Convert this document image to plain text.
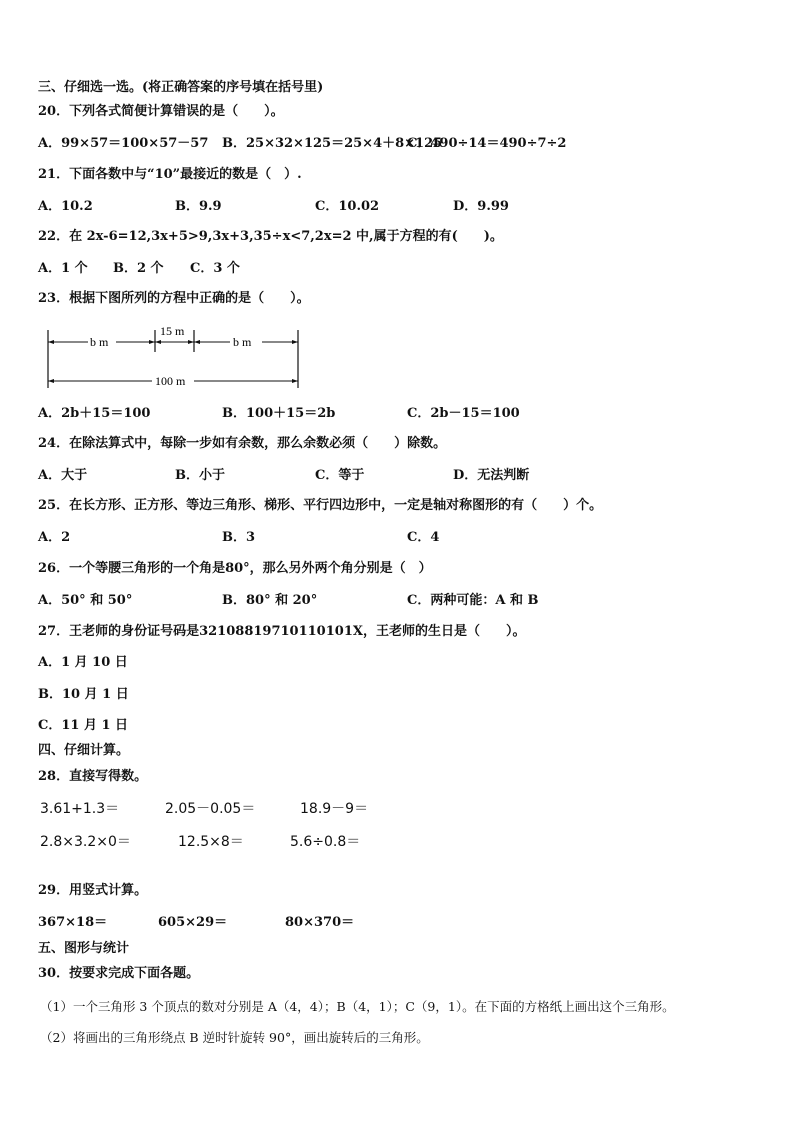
三、仔细选一选。(将正确答案的序号填在括号里)
20．下列各式简便计算错误的是（　　）。
A．99×57＝100×57－57 B．25×32×125＝25×4＋8×125
C．490÷14＝490÷7÷2
21．下面各数中与“10”最接近的数是（　）.
A．10.2	B．9.9	C．10.02	D．9.99
22．在 2x-6=12,3x+5>9,3x+3,35÷x<7,2x=2 中,属于方程的有(　　)。
A．1 个 B．2 个 C．3 个
23．根据下图所列的方程中正确的是（　　）。
b m
15 m
b m
100 m
A．2b＋15＝100	B．100＋15＝2b	C．2b－15＝100
24．在除法算式中，每除一步如有余数，那么余数必须（　　）除数。
A．大于	B．小于	C．等于	D．无法判断
25．在长方形、正方形、等边三角形、梯形、平行四边形中，一定是轴对称图形的有（　　）个。
A．2	B．3	C．4
26．一个等腰三角形的一个角是80°，那么另外两个角分别是（　）
A．50° 和 50°	B．80° 和 20°	C．两种可能：A 和 B
27．王老师的身份证号码是32108819710110101X，王老师的生日是（　　）。
A．1 月 10 日
B．10 月 1 日
C．11 月 1 日
四、仔细计算。
28．直接写得数。
3.61+1.3＝	2.05－0.05＝	18.9－9＝
2.8×3.2×0＝	12.5×8＝	5.6÷0.8＝
29．用竖式计算。
367×18＝	605×29＝	80×370＝
五、图形与统计
30．按要求完成下面各题。
（1）一个三角形 3 个顶点的数对分别是 A（4，4）；B（4，1）；C（9，1）。在下面的方格纸上画出这个三角形。
（2）将画出的三角形绕点 B 逆时针旋转 90°，画出旋转后的三角形。
